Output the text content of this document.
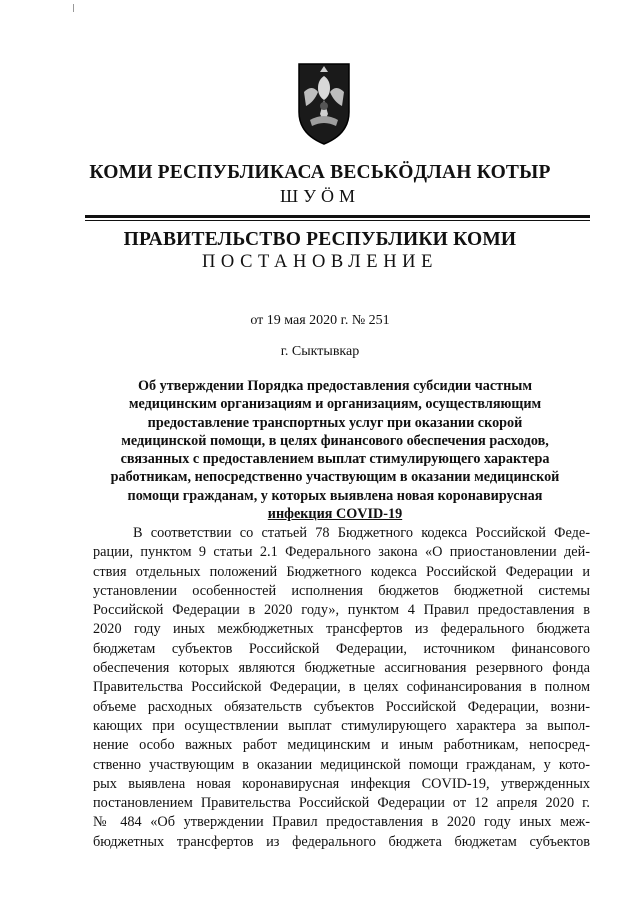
КОМИ РЕСПУБЛИКАСА ВЕСЬКӦДЛАН КОТЫР
ШУӦМ
ПРАВИТЕЛЬСТВО РЕСПУБЛИКИ КОМИ
ПОСТАНОВЛЕНИЕ
от 19 мая 2020 г. № 251
г. Сыктывкар
Об утверждении Порядка предоставления субсидии частным
медицинским организациям и организациям, осуществляющим
предоставление транспортных услуг при оказании скорой
медицинской помощи, в целях финансового обеспечения расходов,
связанных с предоставлением выплат стимулирующего характера
работникам, непосредственно участвующим в оказании медицинской
помощи гражданам, у которых выявлена новая коронавирусная
инфекция COVID-19
В соответствии со статьей 78 Бюджетного кодекса Российской Феде-
рации, пунктом 9 статьи 2.1 Федерального закона «О приостановлении дей-
ствия отдельных положений Бюджетного кодекса Российской Федерации и
установлении особенностей исполнения бюджетов бюджетной системы
Российской Федерации в 2020 году», пунктом 4 Правил предоставления в
2020 году иных межбюджетных трансфертов из федерального бюджета
бюджетам субъектов Российской Федерации, источником финансового
обеспечения которых являются бюджетные ассигнования резервного фонда
Правительства Российской Федерации, в целях софинансирования в полном
объеме расходных обязательств субъектов Российской Федерации, возни-
кающих при осуществлении выплат стимулирующего характера за выпол-
нение особо важных работ медицинским и иным работникам, непосред-
ственно участвующим в оказании медицинской помощи гражданам, у кото-
рых выявлена новая коронавирусная инфекция COVID-19, утвержденных
постановлением Правительства Российской Федерации от 12 апреля 2020 г.
№ 484 «Об утверждении Правил предоставления в 2020 году иных меж-
бюджетных трансфертов из федерального бюджета бюджетам субъектов
